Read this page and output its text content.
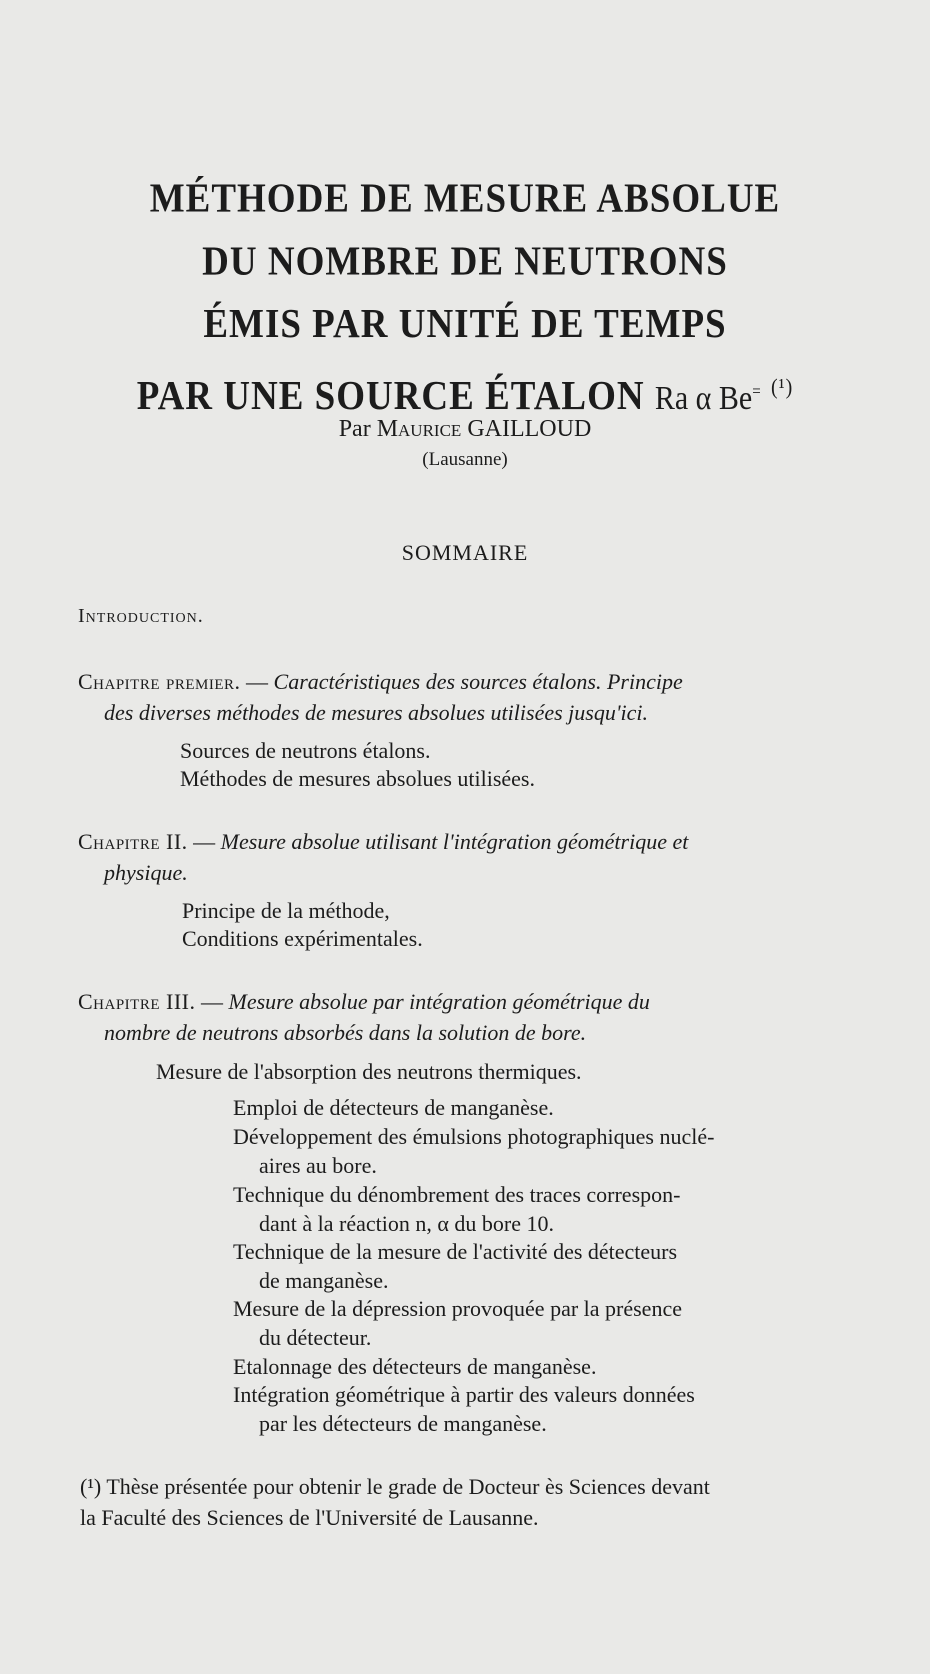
MÉTHODE DE MESURE ABSOLUE
DU NOMBRE DE NEUTRONS
ÉMIS PAR UNITÉ DE TEMPS
PAR UNE SOURCE ÉTALON Ra α Be= $^{(^1)}$
Par Maurice GAILLOUD
(Lausanne)
SOMMAIRE
Introduction.
Chapitre premier. — Caractéristiques des sources étalons. Principe
des diverses méthodes de mesures absolues utilisées jusqu'ici.
Sources de neutrons étalons.
Méthodes de mesures absolues utilisées.
Chapitre II. — Mesure absolue utilisant l'intégration géométrique et
physique.
Principe de la méthode,
Conditions expérimentales.
Chapitre III. — Mesure absolue par intégration géométrique du
nombre de neutrons absorbés dans la solution de bore.
Mesure de l'absorption des neutrons thermiques.
Emploi de détecteurs de manganèse.
Développement des émulsions photographiques nuclé-
aires au bore.
Technique du dénombrement des traces correspon-
dant à la réaction n, α du bore 10.
Technique de la mesure de l'activité des détecteurs
de manganèse.
Mesure de la dépression provoquée par la présence
du détecteur.
Etalonnage des détecteurs de manganèse.
Intégration géométrique à partir des valeurs données
par les détecteurs de manganèse.
(¹) Thèse présentée pour obtenir le grade de Docteur ès Sciences devant
la Faculté des Sciences de l'Université de Lausanne.
